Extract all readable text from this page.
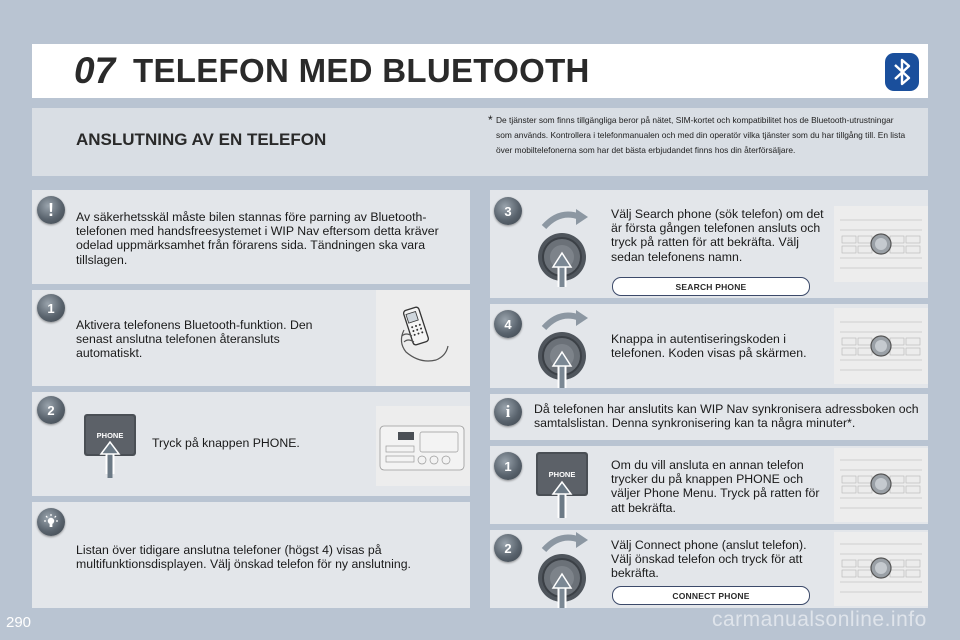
07 TELEFON MED BLUETOOTH
ANSLUTNING AV EN TELEFON
* De tjänster som finns tillgängliga beror på nätet, SIM-kortet och kompatibilitet hos de Bluetooth-utrustningar som används. Kontrollera i telefonmanualen och med din operatör vilka tjänster som du har tillgång till. En lista över mobiltelefonerna som har det bästa erbjudandet finns hos din återförsäljare.
!	Av säkerhetsskäl måste bilen stannas före parning av Bluetooth-telefonen med handsfreesystemet i WIP Nav eftersom detta kräver odelad uppmärksamhet från förarens sida. Tändningen ska vara tillslagen.
1
Aktivera telefonens Bluetooth-funktion. Den senast anslutna telefonen återansluts automatiskt.
2
PHONE
Tryck på knappen PHONE.
Listan över tidigare anslutna telefoner (högst 4) visas på multifunktionsdisplayen. Välj önskad telefon för ny anslutning.
3	Välj Search phone (sök telefon) om det är första gången telefonen ansluts och tryck på ratten för att bekräfta. Välj sedan telefonens namn.
SEARCH PHONE
4
Knappa in autentiseringskoden i telefonen. Koden visas på skärmen.
i	Då telefonen har anslutits kan WIP Nav synkronisera adressboken och samtalslistan. Denna synkronisering kan ta några minuter*.
1
PHONE
Om du vill ansluta en annan telefon trycker du på knappen PHONE och väljer Phone Menu. Tryck på ratten för att bekräfta.
2	Välj Connect phone (anslut telefon). Välj önskad telefon och tryck för att bekräfta.
CONNECT PHONE
290	carmanualsonline.info
